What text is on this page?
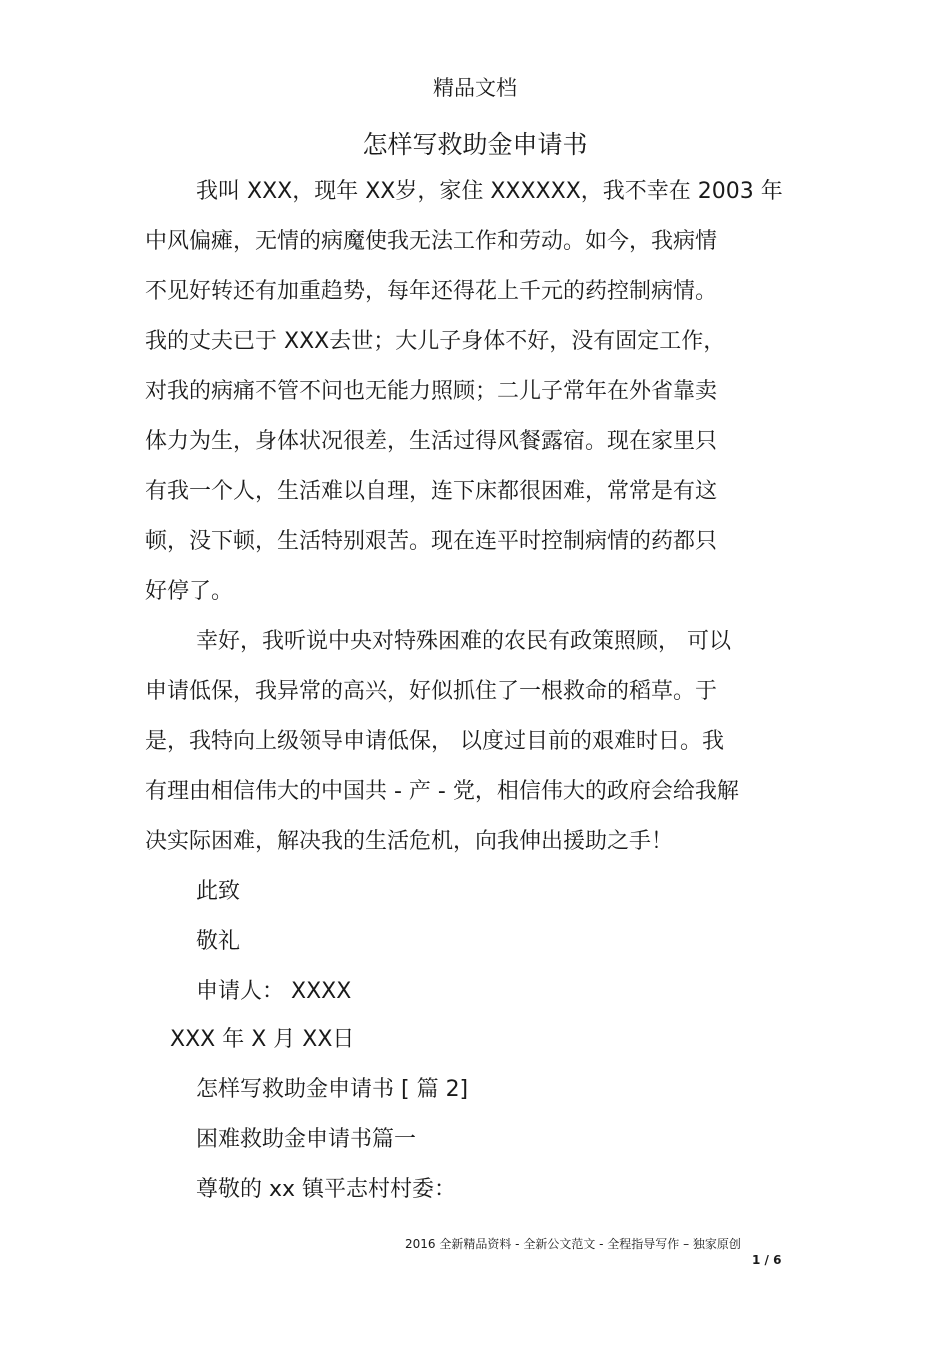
精品文档
怎样写救助金申请书
我叫 XXX，现年 XX岁，家住 XXXXXX，我不幸在 2003 年
中风偏瘫，无情的病魔使我无法工作和劳动。如今，我病情
不见好转还有加重趋势，每年还得花上千元的药控制病情。
我的丈夫已于 XXX去世；大儿子身体不好，没有固定工作，
对我的病痛不管不问也无能力照顾；二儿子常年在外省靠卖
体力为生，身体状况很差，生活过得风餐露宿。现在家里只
有我一个人，生活难以自理，连下床都很困难，常常是有这
顿，没下顿，生活特别艰苦。现在连平时控制病情的药都只
好停了。
幸好，我听说中央对特殊困难的农民有政策照顾， 可以
申请低保，我异常的高兴，好似抓住了一根救命的稻草。于
是，我特向上级领导申请低保， 以度过目前的艰难时日。我
有理由相信伟大的中国共 - 产 - 党，相信伟大的政府会给我解
决实际困难，解决我的生活危机，向我伸出援助之手！
此致
敬礼
申请人： XXXX
XXX 年 X 月 XX日
怎样写救助金申请书 [ 篇 2]
困难救助金申请书篇一
尊敬的 xx 镇平志村村委：
2016 全新精品资料 - 全新公文范文 - 全程指导写作 – 独家原创
1 / 6
